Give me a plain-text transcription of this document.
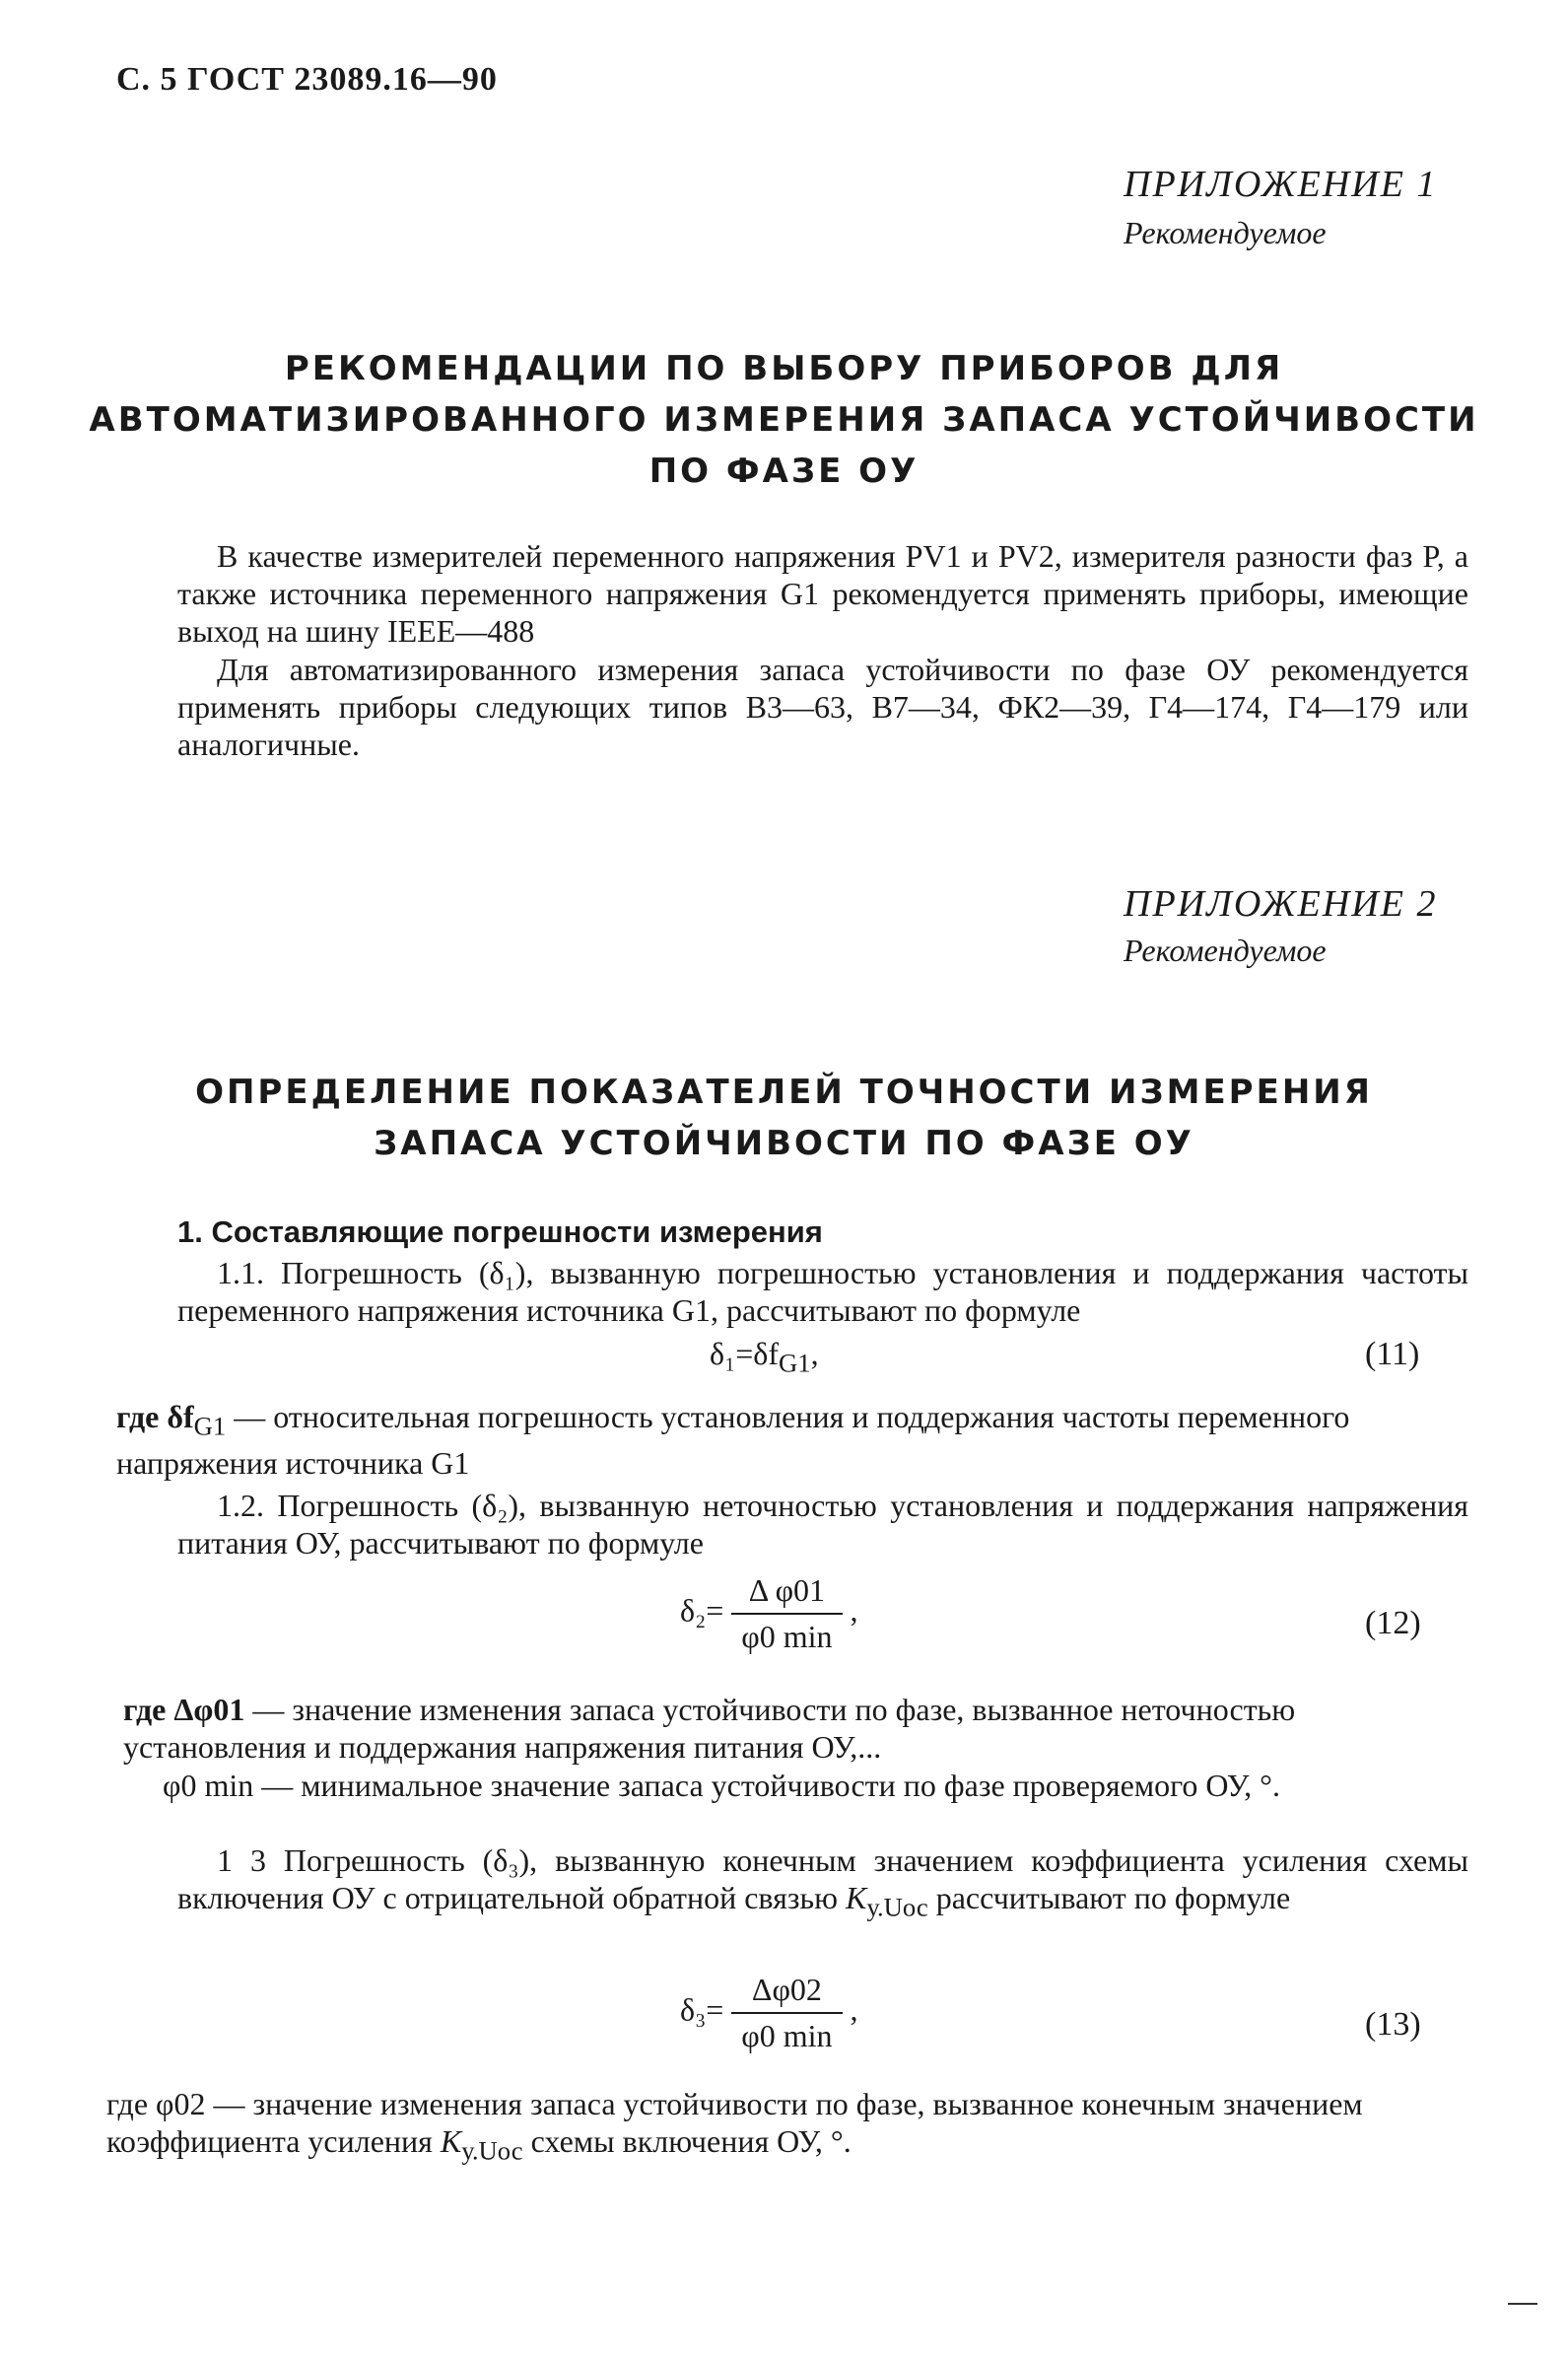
С. 5 ГОСТ 23089.16—90
ПРИЛОЖЕНИЕ 1
Рекомендуемое
РЕКОМЕНДАЦИИ ПО ВЫБОРУ ПРИБОРОВ ДЛЯ
АВТОМАТИЗИРОВАННОГО ИЗМЕРЕНИЯ ЗАПАСА УСТОЙЧИВОСТИ
ПО ФАЗЕ ОУ
В качестве измерителей переменного напряжения PV1 и PV2, измерителя разности фаз P, а также источника переменного напряжения G1 рекомендуется применять приборы, имеющие выход на шину IEEE—488
Для автоматизированного измерения запаса устойчивости по фазе ОУ рекомендуется применять приборы следующих типов В3—63, В7—34, ФК2—39, Г4—174, Г4—179 или аналогичные.
ПРИЛОЖЕНИЕ 2
Рекомендуемое
ОПРЕДЕЛЕНИЕ ПОКАЗАТЕЛЕЙ ТОЧНОСТИ ИЗМЕРЕНИЯ
ЗАПАСА УСТОЙЧИВОСТИ ПО ФАЗЕ ОУ
1. Составляющие погрешности измерения
1.1. Погрешность (δ₁), вызванную погрешностью установления и поддержания частоты переменного напряжения источника G1, рассчитывают по формуле
$\delta_1=\delta f_{G1}$,	(11)
где $\delta f_{G1}$ — относительная погрешность установления и поддержания частоты переменного напряжения источника G1
1.2. Погрешность (δ₂), вызванную неточностью установления и поддержания напряжения питания ОУ, рассчитывают по формуле
$\delta_2= \frac{\text{Δ φ01}}{\varphi 0 \min}$ ,	(12)
где Δφ01 — значение изменения запаса устойчивости по фазе, вызванное неточностью установления и поддержания напряжения питания ОУ,...
φ0 min — минимальное значение запаса устойчивости по фазе проверяемого ОУ, °.
1 3 Погрешность (δ₃), вызванную конечным значением коэффициента усиления схемы включения ОУ с отрицательной обратной связью $K_{у.Uос}$ рассчитывают по формуле
$\delta_3= \frac{\Delta\varphi 02}{\varphi 0 \min}$ ,	(13)
где φ02 — значение изменения запаса устойчивости по фазе, вызванное конечным значением коэффициента усиления $K_{у.Uос}$ схемы включения ОУ, °.
